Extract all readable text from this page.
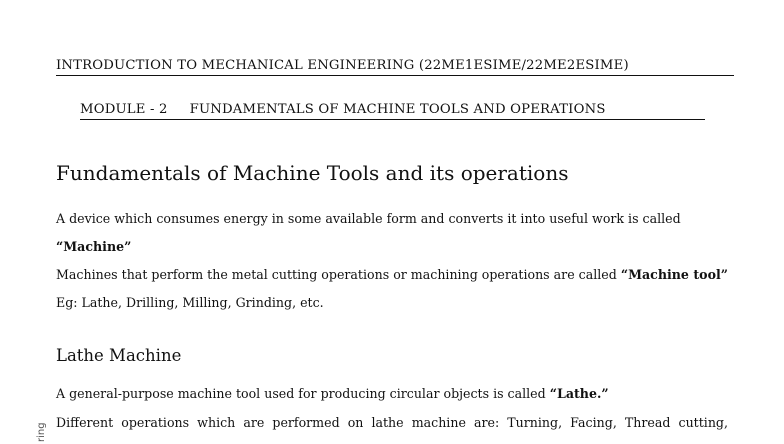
INTRODUCTION TO MECHANICAL ENGINEERING (22ME1ESIME/22ME2ESIME)
MODULE - 2 FUNDAMENTALS OF MACHINE TOOLS AND OPERATIONS
Fundamentals of Machine Tools and its operations

A device which consumes energy in some available form and converts it into useful work is called
“Machine”

Machines that perform the metal cutting operations or machining operations are called “Machine tool” Eg: Lathe, Drilling, Milling, Grinding, etc.

Lathe Machine

A general-purpose machine tool used for producing circular objects is called “Lathe.”

Different operations which are performed on lathe machine are: Turning, Facing, Thread cutting,

ring
